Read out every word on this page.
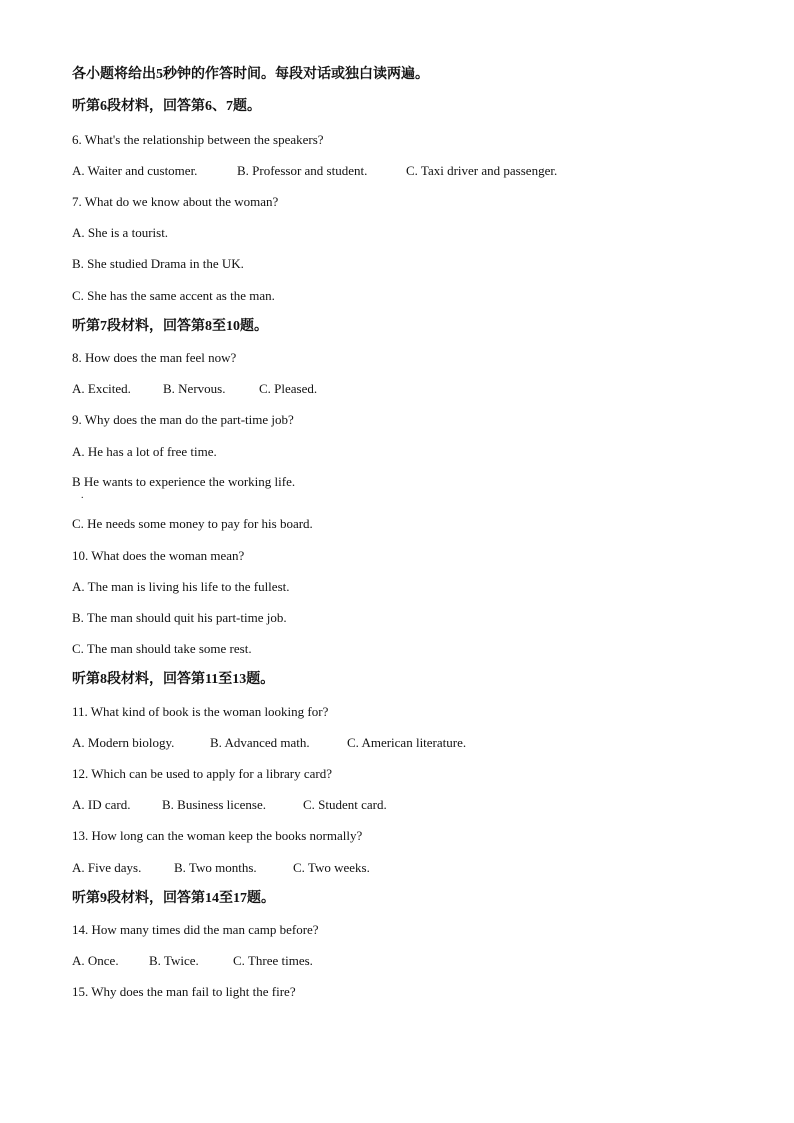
各小题将给出5秒钟的作答时间。每段对话或独白读两遍。
听第6段材料，回答第6、7题。
6. What's the relationship between the speakers?
A. Waiter and customer.	B. Professor and student.	C. Taxi driver and passenger.
7. What do we know about the woman?
A. She is a tourist.
B. She studied Drama in the UK.
C. She has the same accent as the man.
听第7段材料，回答第8至10题。
8. How does the man feel now?
A. Excited. B. Nervous.	C. Pleased.
9. Why does the man do the part-time job?
A. He has a lot of free time.
B He wants to experience the working life.
.
C. He needs some money to pay for his board.
10. What does the woman mean?
A. The man is living his life to the fullest.
B. The man should quit his part-time job.
C. The man should take some rest.
听第8段材料，回答第11至13题。
11. What kind of book is the woman looking for?
A. Modern biology.	B. Advanced math.	C. American literature.
12. Which can be used to apply for a library card?
A. ID card. B. Business license.	C. Student card.
13. How long can the woman keep the books normally?
A. Five days.	B. Two months.	C. Two weeks.
听第9段材料，回答第14至17题。
14. How many times did the man camp before?
A. Once. B. Twice.	C. Three times.
15. Why does the man fail to light the fire?
